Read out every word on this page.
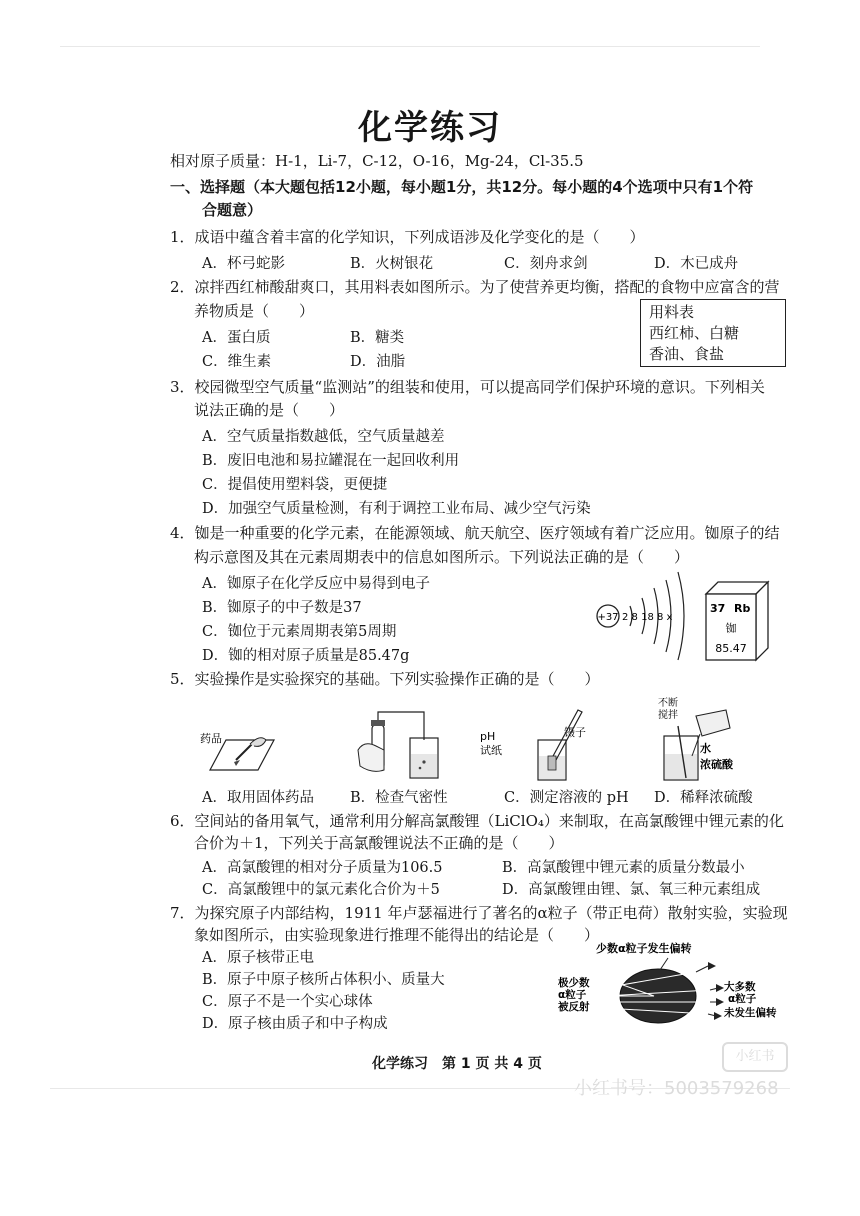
化学练习
相对原子质量：H-1，Li-7，C-12，O-16，Mg-24，Cl-35.5
一、选择题（本大题包括12小题，每小题1分，共12分。每小题的4个选项中只有1个符
合题意）
1．成语中蕴含着丰富的化学知识，下列成语涉及化学变化的是（　　）
A．杯弓蛇影	B．火树银花	C．刻舟求剑	D．木已成舟
2．凉拌西红柿酸甜爽口，其用料表如图所示。为了使营养更均衡，搭配的食物中应富含的营
养物质是（　　）
A．蛋白质	B．糖类
C．维生素	D．油脂
用料表
西红柿、白糖
香油、食盐
3．校园微型空气质量“监测站”的组装和使用，可以提高同学们保护环境的意识。下列相关
说法正确的是（　　）
A．空气质量指数越低，空气质量越差
B．废旧电池和易拉罐混在一起回收利用
C．提倡使用塑料袋，更便捷
D．加强空气质量检测，有利于调控工业布局、减少空气污染
4．铷是一种重要的化学元素，在能源领域、航天航空、医疗领域有着广泛应用。铷原子的结
构示意图及其在元素周期表中的信息如图所示。下列说法正确的是（　　）
A．铷原子在化学反应中易得到电子
B．铷原子的中子数是37
C．铷位于元素周期表第5周期
D．铷的相对原子质量是85.47g
+37 2 8 18 8 x
37 Rb
铷
85.47
5．实验操作是实验探究的基础。下列实验操作正确的是（　　）
药品	pH
试纸
镊子
不断
搅拌
水
浓硫酸
A．取用固体药品 B．检查气密性	C．测定溶液的 pH D．稀释浓硫酸
6．空间站的备用氧气，通常利用分解高氯酸锂（LiClO₄）来制取，在高氯酸锂中锂元素的化
合价为＋1，下列关于高氯酸锂说法不正确的是（　　）
A．高氯酸锂的相对分子质量为106.5	B．高氯酸锂中锂元素的质量分数最小
C．高氯酸锂中的氯元素化合价为＋5	D．高氯酸锂由锂、氯、氧三种元素组成
7．为探究原子内部结构，1911 年卢瑟福进行了著名的α粒子（带正电荷）散射实验，实验现
象如图所示，由实验现象进行推理不能得出的结论是（　　）
A．原子核带正电
B．原子中原子核所占体积小、质量大
C．原子不是一个实心球体
D．原子核由质子和中子构成
少数α粒子发生偏转
极少数
α粒子
被反射
大多数
α粒子
未发生偏转
化学练习　第 1 页 共 4 页	小红书
小红书号：5003579268
